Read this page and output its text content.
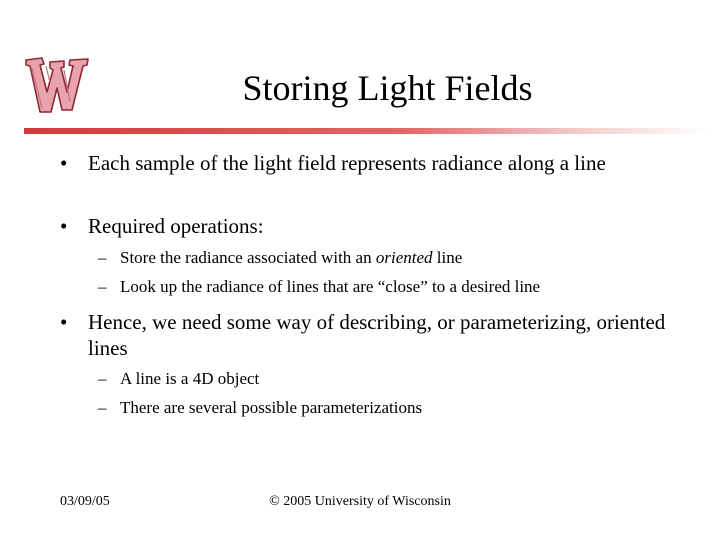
Storing Light Fields
• Each sample of the light field represents radiance along a line
• Required operations:
– Store the radiance associated with an oriented line
– Look up the radiance of lines that are “close” to a desired line
• Hence, we need some way of describing, or parameterizing, oriented lines
– A line is a 4D object
– There are several possible parameterizations
03/09/05	© 2005 University of Wisconsin
